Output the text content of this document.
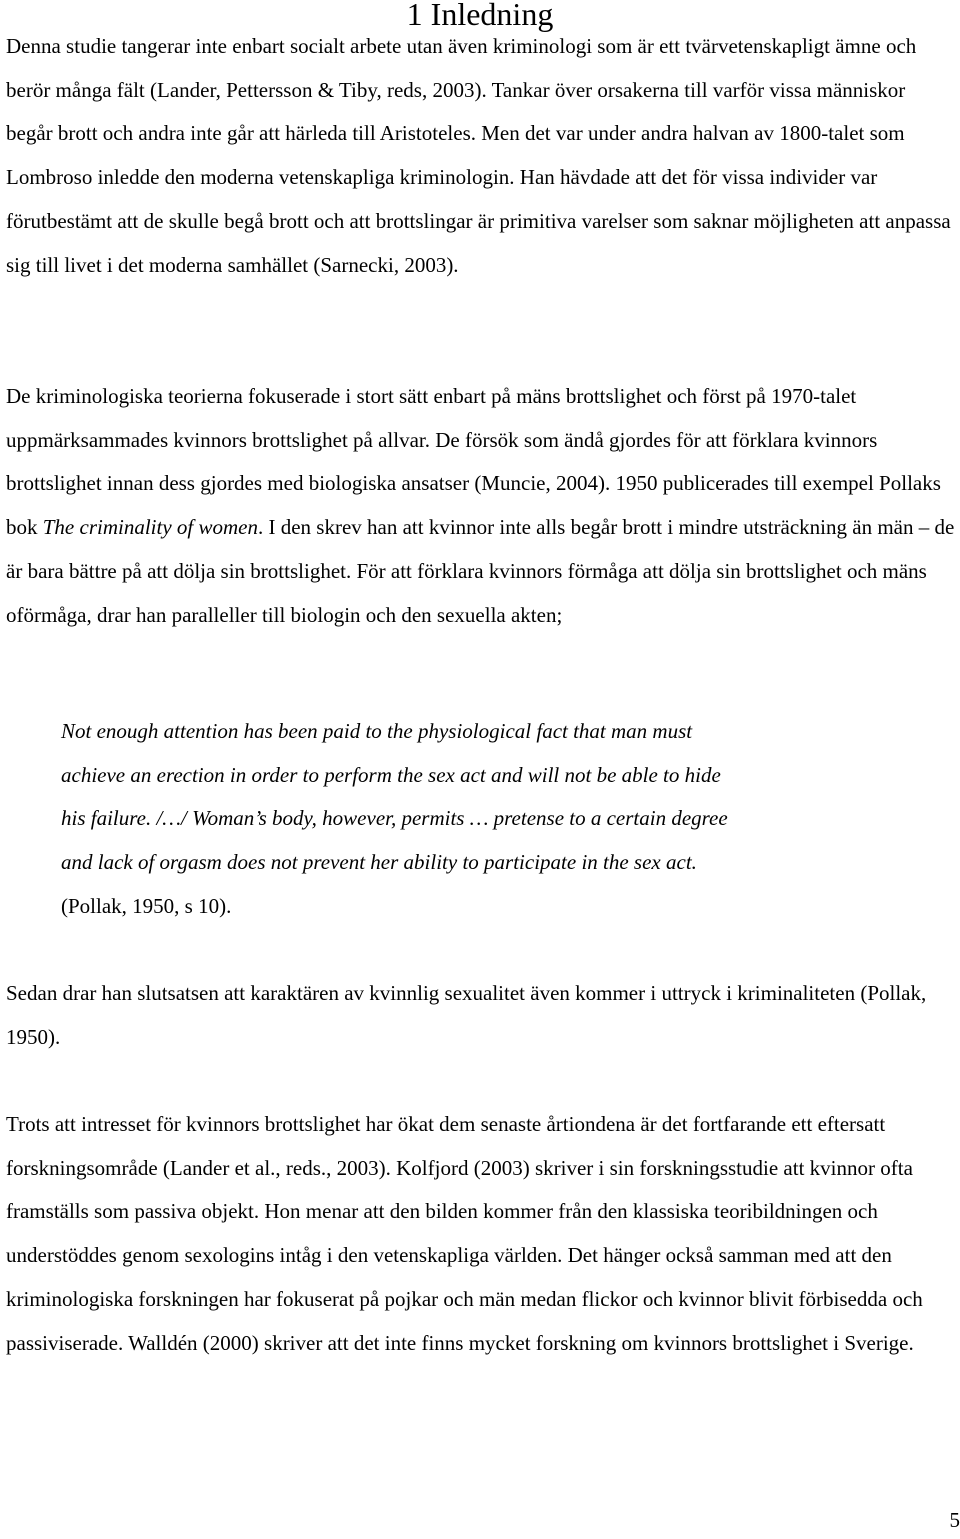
1 Inledning

Denna studie tangerar inte enbart socialt arbete utan även kriminologi som är ett tvärvetenskapligt ämne och berör många fält (Lander, Pettersson & Tiby, reds, 2003). Tankar över orsakerna till varför vissa människor begår brott och andra inte går att härleda till Aristoteles. Men det var under andra halvan av 1800-talet som Lombroso inledde den moderna vetenskapliga kriminologin. Han hävdade att det för vissa individer var förutbestämt att de skulle begå brott och att brottslingar är primitiva varelser som saknar möjligheten att anpassa sig till livet i det moderna samhället (Sarnecki, 2003).

De kriminologiska teorierna fokuserade i stort sätt enbart på mäns brottslighet och först på 1970-talet uppmärksammades kvinnors brottslighet på allvar. De försök som ändå gjordes för att förklara kvinnors brottslighet innan dess gjordes med biologiska ansatser (Muncie, 2004). 1950 publicerades till exempel Pollaks bok The criminality of women. I den skrev han att kvinnor inte alls begår brott i mindre utsträckning än män – de är bara bättre på att dölja sin brottslighet. För att förklara kvinnors förmåga att dölja sin brottslighet och mäns oförmåga, drar han paralleller till biologin och den sexuella akten;

Not enough attention has been paid to the physiological fact that man must
achieve an erection in order to perform the sex act and will not be able to hide
his failure. /…/ Woman’s body, however, permits … pretense to a certain degree
and lack of orgasm does not prevent her ability to participate in the sex act.
(Pollak, 1950, s 10).

Sedan drar han slutsatsen att karaktären av kvinnlig sexualitet även kommer i uttryck i kriminaliteten (Pollak, 1950).

Trots att intresset för kvinnors brottslighet har ökat dem senaste årtiondena är det fortfarande ett eftersatt forskningsområde (Lander et al., reds., 2003). Kolfjord (2003) skriver i sin forskningsstudie att kvinnor ofta framställs som passiva objekt. Hon menar att den bilden kommer från den klassiska teoribildningen och understöddes genom sexologins intåg i den vetenskapliga världen. Det hänger också samman med att den kriminologiska forskningen har fokuserat på pojkar och män medan flickor och kvinnor blivit förbisedda och passiviserade. Walldén (2000) skriver att det inte finns mycket forskning om kvinnors brottslighet i Sverige.

5
